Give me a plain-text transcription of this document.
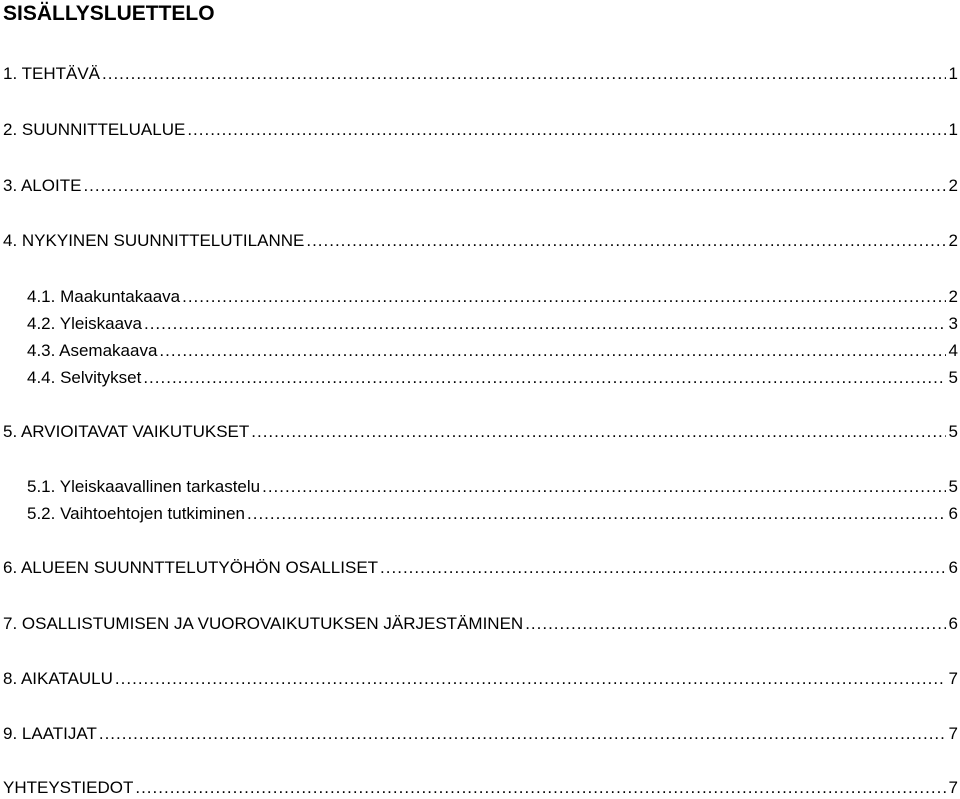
SISÄLLYSLUETTELO
1. TEHTÄVÄ .....	1
2. SUUNNITTELUALUE .....	1
3. ALOITE .....	2
4. NYKYINEN SUUNNITTELUTILANNE .....	2
4.1. Maakuntakaava .....	2
4.2. Yleiskaava .....	3
4.3. Asemakaava .....	4
4.4. Selvitykset .....	5
5. ARVIOITAVAT VAIKUTUKSET .....	5
5.1. Yleiskaavallinen tarkastelu .....	5
5.2. Vaihtoehtojen tutkiminen .....	6
6. ALUEEN SUUNNTTELUTYÖHÖN OSALLISET .....	6
7. OSALLISTUMISEN JA VUOROVAIKUTUKSEN JÄRJESTÄMINEN .....	6
8. AIKATAULU .....	7
9. LAATIJAT .....	7
YHTEYSTIEDOT .....	7
